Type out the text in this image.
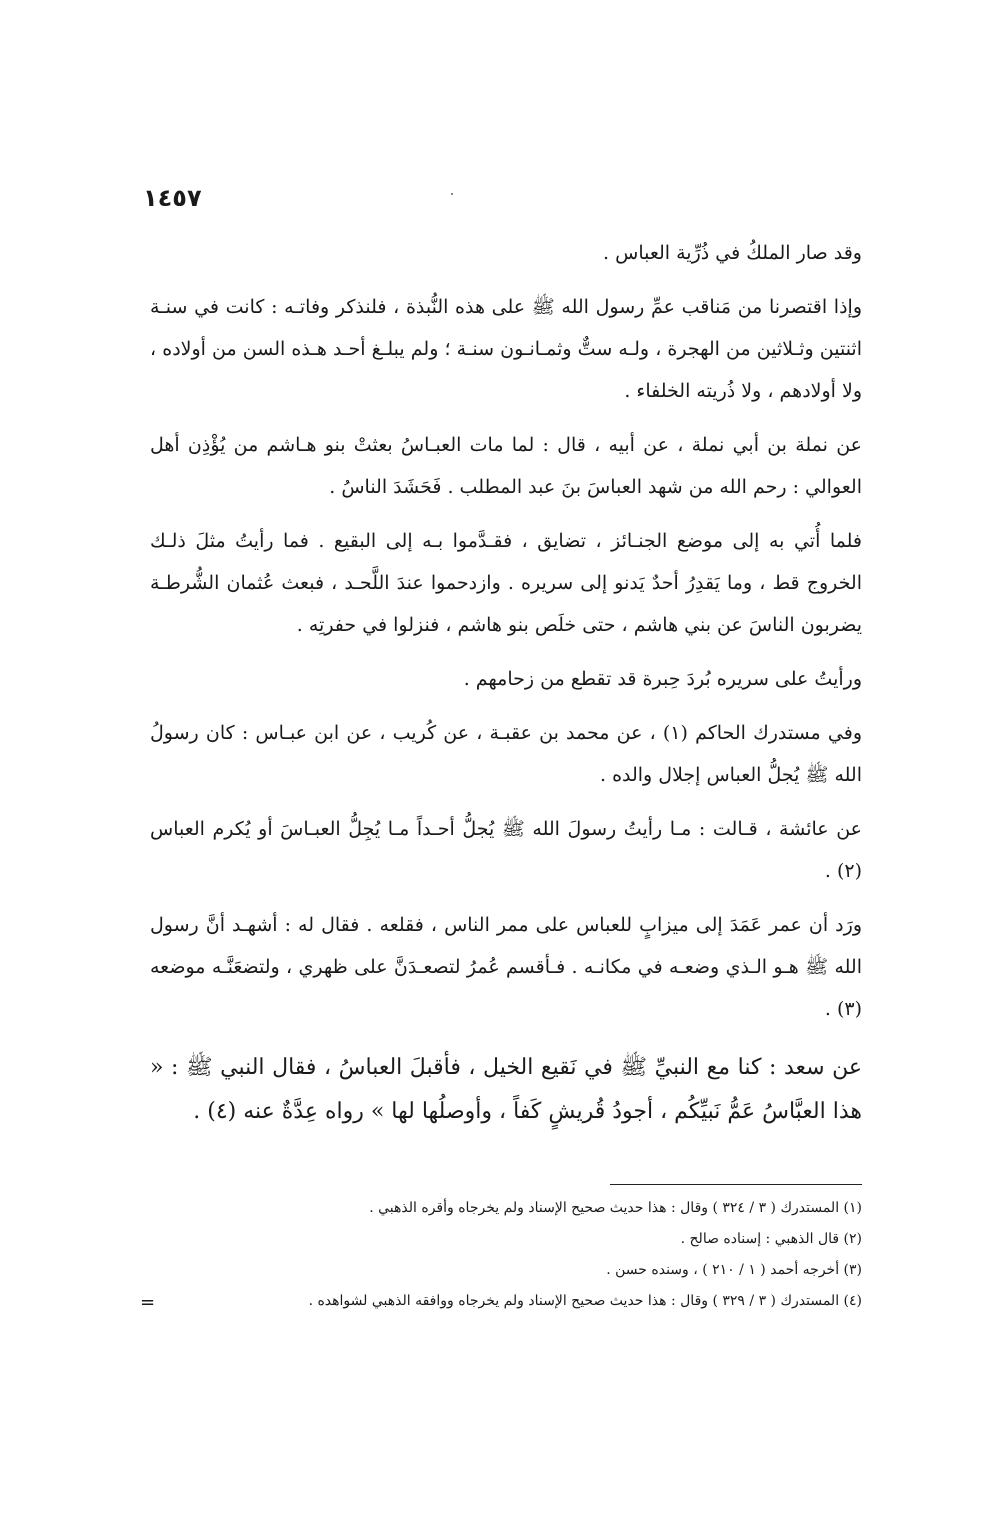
١٤٥٧

وقد صار الملكُ في ذُرِّية العباس .

وإذا اقتصرنا من مَناقب عمِّ رسول الله ﷺ على هذه النُّبذة ، فلنذكر وفاتـه : كانت في سنـة اثنتين وثـلاثين من الهجرة ، ولـه ستٌّ وثمـانـون سنـة ؛ ولم يبلـغ أحـد هـذه السن من أولاده ، ولا أولادهم ، ولا ذُريته الخلفاء .

عن نملة بن أبي نملة ، عن أبيه ، قال : لما مات العبـاسُ بعثتْ بنو هـاشم من يُؤْذِن أهل العوالي : رحم الله من شهد العباسَ بنَ عبد المطلب . فَحَشَدَ الناسُ .

فلما أُتي به إلى موضع الجنـائز ، تضايق ، فقـدَّموا بـه إلى البقيع . فما رأيتُ مثلَ ذلـك الخروج قط ، وما يَقدِرُ أحدٌ يَدنو إلى سريره . وازدحموا عندَ اللَّحـد ، فبعث عُثمان الشُّرطـة يضربون الناسَ عن بني هاشم ، حتى خلَص بنو هاشم ، فنزلوا في حفرتِه .

ورأيتُ على سريره بُردَ حِبرة قد تقطع من زحامهم .

وفي مستدرك الحاكم (١) ، عن محمد بن عقبـة ، عن كُريب ، عن ابن عبـاس : كان رسولُ الله ﷺ يُجلُّ العباس إجلال والده .

عن عائشة ، قـالت : مـا رأيتُ رسولَ الله ﷺ يُجلُّ أحـداً مـا يُجِلُّ العبـاسَ أو يُكرم العباس (٢) .

ورَد أن عمر عَمَدَ إلى ميزابٍ للعباس على ممر الناس ، فقلعه . فقال له : أشهـد أنَّ رسول الله ﷺ هـو الـذي وضعـه في مكانـه . فـأقسم عُمرُ لتصعـدَنَّ على ظهري ، ولتضعَنَّـه موضعه (٣) .

عن سعد : كنا مع النبيِّ ﷺ في نَقيع الخيل ، فأقبلَ العباسُ ، فقال النبي ﷺ : « هذا العبَّاسُ عَمُّ نَبيِّكُم ، أجودُ قُريشٍ كَفاً ، وأوصلُها لها » رواه عِدَّةٌ عنه (٤) .

(١) المستدرك ( ٣ / ٣٢٤ ) وقال : هذا حديث صحيح الإسناد ولم يخرجاه وأقره الذهبي .

(٢) قال الذهبي : إسناده صالح .

(٣) أخرجه أحمد ( ١ / ٢١٠ ) ، وسنده حسن .

(٤) المستدرك ( ٣ / ٣٢٩ ) وقال : هذا حديث صحيح الإسناد ولم يخرجاه ووافقه الذهبي لشواهده .

=
